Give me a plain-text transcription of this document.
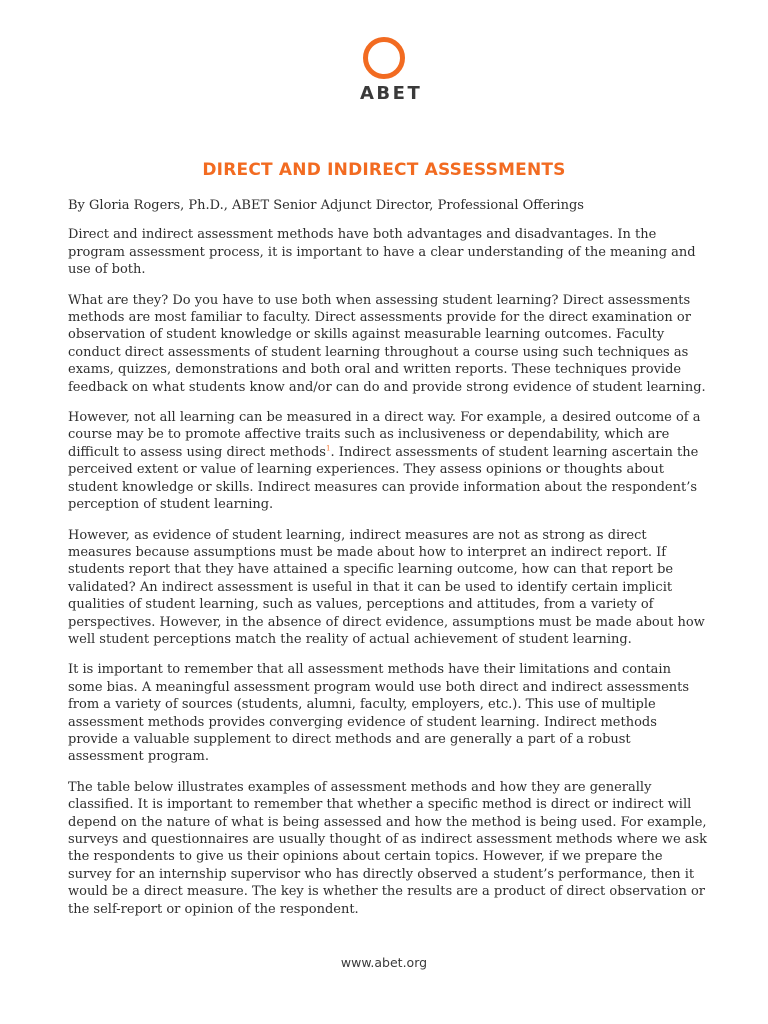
ABET
DIRECT AND INDIRECT ASSESSMENTS

By Gloria Rogers, Ph.D., ABET Senior Adjunct Director, Professional Offerings

Direct and indirect assessment methods have both advantages and disadvantages. In the program assessment process, it is important to have a clear understanding of the meaning and use of both.

What are they? Do you have to use both when assessing student learning? Direct assessments methods are most familiar to faculty. Direct assessments provide for the direct examination or observation of student knowledge or skills against measurable learning outcomes. Faculty conduct direct assessments of student learning throughout a course using such techniques as exams, quizzes, demonstrations and both oral and written reports. These techniques provide feedback on what students know and/or can do and provide strong evidence of student learning.

However, not all learning can be measured in a direct way. For example, a desired outcome of a course may be to promote affective traits such as inclusiveness or dependability, which are difficult to assess using direct methods$^1$. Indirect assessments of student learning ascertain the perceived extent or value of learning experiences. They assess opinions or thoughts about student knowledge or skills. Indirect measures can provide information about the respondent’s perception of student learning.

However, as evidence of student learning, indirect measures are not as strong as direct measures because assumptions must be made about how to interpret an indirect report. If students report that they have attained a specific learning outcome, how can that report be validated? An indirect assessment is useful in that it can be used to identify certain implicit qualities of student learning, such as values, perceptions and attitudes, from a variety of perspectives. However, in the absence of direct evidence, assumptions must be made about how well student perceptions match the reality of actual achievement of student learning.

It is important to remember that all assessment methods have their limitations and contain some bias. A meaningful assessment program would use both direct and indirect assessments from a variety of sources (students, alumni, faculty, employers, etc.). This use of multiple assessment methods provides converging evidence of student learning. Indirect methods provide a valuable supplement to direct methods and are generally a part of a robust assessment program.

The table below illustrates examples of assessment methods and how they are generally classified. It is important to remember that whether a specific method is direct or indirect will depend on the nature of what is being assessed and how the method is being used. For example, surveys and questionnaires are usually thought of as indirect assessment methods where we ask the respondents to give us their opinions about certain topics. However, if we prepare the survey for an internship supervisor who has directly observed a student’s performance, then it would be a direct measure. The key is whether the results are a product of direct observation or the self-report or opinion of the respondent.

www.abet.org
